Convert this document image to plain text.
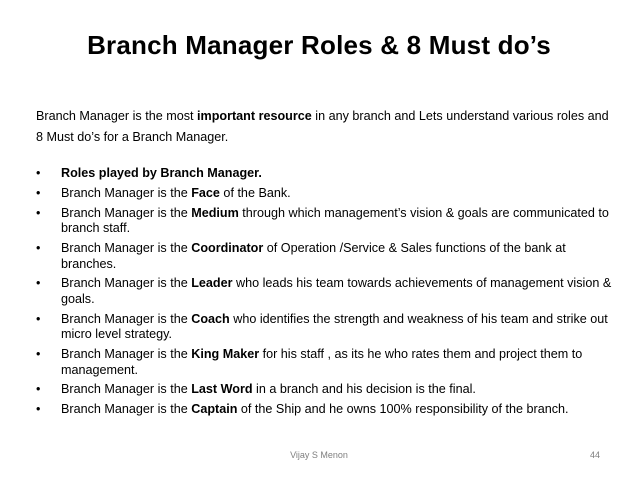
Branch Manager Roles & 8 Must do’s

Branch Manager is the most important resource in any branch and Lets understand various roles and 8 Must do’s for a Branch Manager.

• Roles played by Branch Manager.
• Branch Manager is the Face of the Bank.
• Branch Manager is the Medium through which management’s vision & goals are communicated to branch staff.
• Branch Manager is the Coordinator of Operation /Service & Sales functions of the bank at branches.
• Branch Manager is the Leader who leads his team towards achievements of management vision & goals.
• Branch Manager is the Coach who identifies the strength and weakness of his team and strike out micro level strategy.
• Branch Manager is the King Maker for his staff , as its he who rates them and project them to management.
• Branch Manager is the Last Word in a branch and his decision is the final.
• Branch Manager is the Captain of the Ship and he owns 100% responsibility of the branch.
Vijay S Menon	44
